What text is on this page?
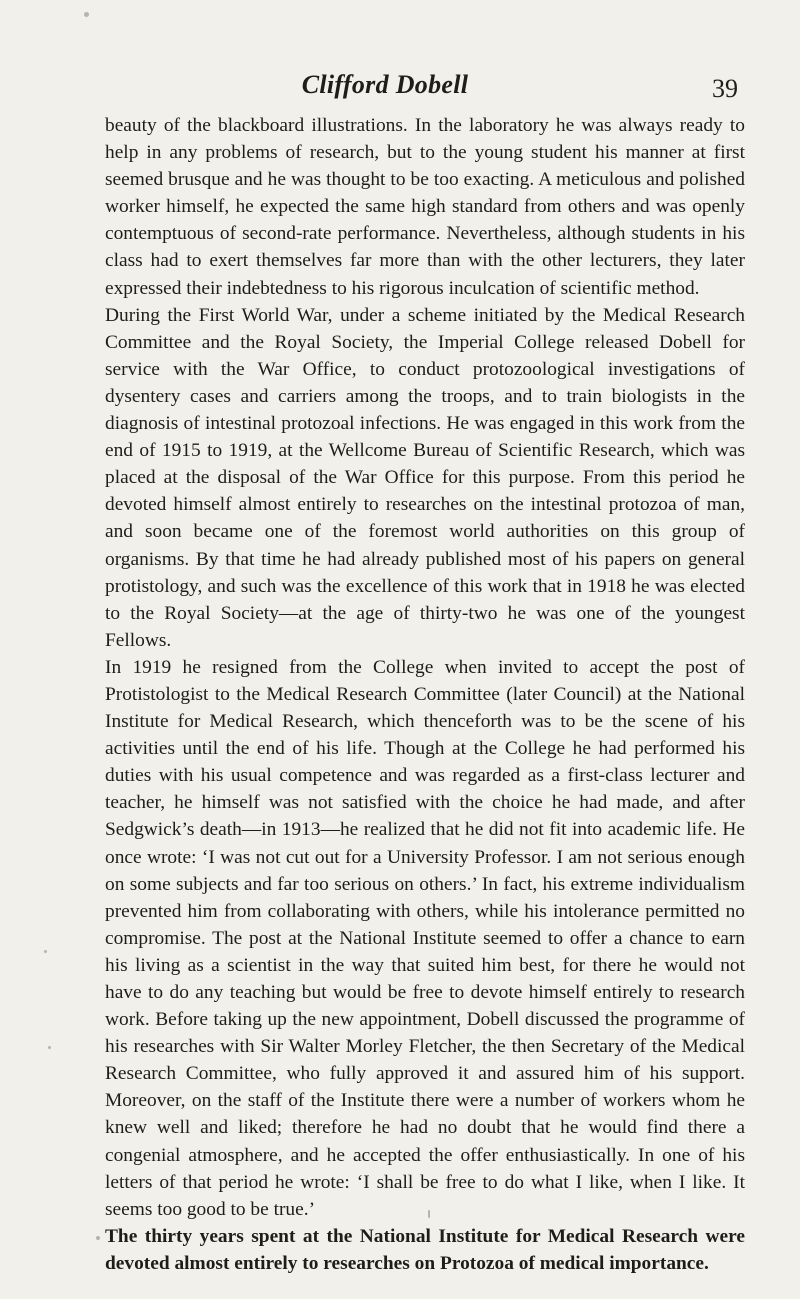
Clifford Dobell	39

beauty of the blackboard illustrations. In the laboratory he was always ready to help in any problems of research, but to the young student his manner at first seemed brusque and he was thought to be too exacting. A meticulous and polished worker himself, he expected the same high standard from others and was openly contemptuous of second-rate performance. Nevertheless, although students in his class had to exert themselves far more than with the other lecturers, they later expressed their indebtedness to his rigorous inculcation of scientific method.

During the First World War, under a scheme initiated by the Medical Research Committee and the Royal Society, the Imperial College released Dobell for service with the War Office, to conduct protozoological investigations of dysentery cases and carriers among the troops, and to train biologists in the diagnosis of intestinal protozoal infections. He was engaged in this work from the end of 1915 to 1919, at the Wellcome Bureau of Scientific Research, which was placed at the disposal of the War Office for this purpose. From this period he devoted himself almost entirely to researches on the intestinal protozoa of man, and soon became one of the foremost world authorities on this group of organisms. By that time he had already published most of his papers on general protistology, and such was the excellence of this work that in 1918 he was elected to the Royal Society—at the age of thirty-two he was one of the youngest Fellows.

In 1919 he resigned from the College when invited to accept the post of Protistologist to the Medical Research Committee (later Council) at the National Institute for Medical Research, which thenceforth was to be the scene of his activities until the end of his life. Though at the College he had performed his duties with his usual competence and was regarded as a first-class lecturer and teacher, he himself was not satisfied with the choice he had made, and after Sedgwick’s death—in 1913—he realized that he did not fit into academic life. He once wrote: ‘I was not cut out for a University Professor. I am not serious enough on some subjects and far too serious on others.’ In fact, his extreme individualism prevented him from collaborating with others, while his intolerance permitted no compromise. The post at the National Institute seemed to offer a chance to earn his living as a scientist in the way that suited him best, for there he would not have to do any teaching but would be free to devote himself entirely to research work. Before taking up the new appointment, Dobell discussed the programme of his researches with Sir Walter Morley Fletcher, the then Secretary of the Medical Research Committee, who fully approved it and assured him of his support. Moreover, on the staff of the Institute there were a number of workers whom he knew well and liked; therefore he had no doubt that he would find there a congenial atmosphere, and he accepted the offer enthusiastically. In one of his letters of that period he wrote: ‘I shall be free to do what I like, when I like. It seems too good to be true.’

The thirty years spent at the National Institute for Medical Research were devoted almost entirely to researches on Protozoa of medical importance.
